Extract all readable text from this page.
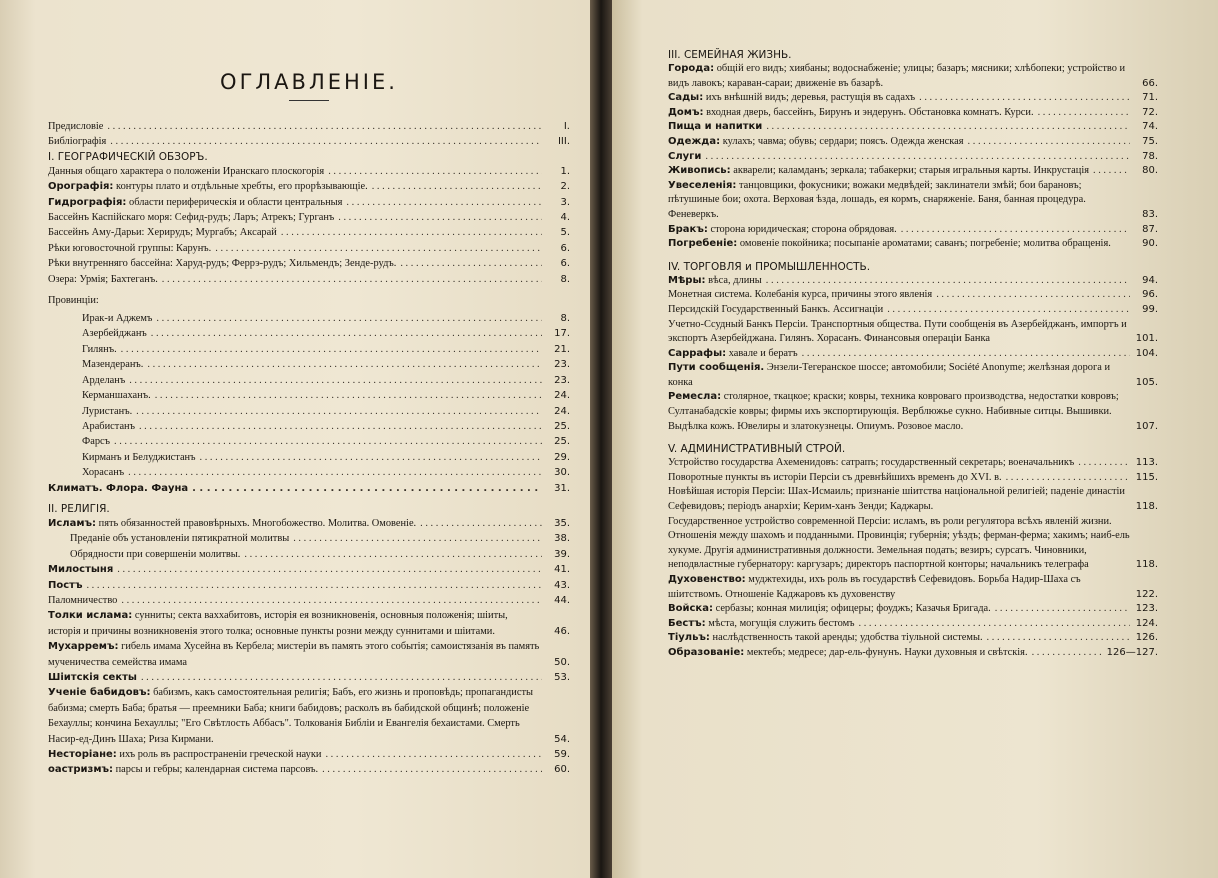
ОГЛАВЛЕНІЕ.
Предисловіе . . .	I.
Библіографія . . .	III.

I. ГЕОГРАФИЧЕСКІЙ ОБЗОРЪ.

Данныя общаго характера о положеніи Иранскаго плоскогорія . . .	1.
Орографія: контуры плато и отдѣльные хребты, его прорѣзывающіе. . . .	2.
Гидрографія: области периферическія и области центральныя . . .	3.
Бассейнъ Каспійскаго моря: Сефид-рудъ; Ларъ; Атрекъ; Гурганъ . . .	4.
Бассейнъ Аму-Дарьи: Херирудъ; Мургабъ; Аксарай . . .	5.
Рѣки юговосточной группы: Карунъ. . . .	6.
Рѣки внутренняго бассейна: Харуд-рудъ; Феррэ-рудъ; Хильмендъ; Зенде-рудъ. . . .	6.
Озера: Урмія; Бахтеганъ. . . .	8.

Провинціи:

Ирак-и Аджемъ . . .	8.
Азербейджанъ . . .	17.
Гилянъ. . . .	21.
Мазендеранъ. . . .	23.
Арделанъ . . .	23.
Керманшаханъ. . . .	24.
Луристанъ. . . .	24.
Арабистанъ . . .	25.
Фарсъ . . .	25.
Кирманъ и Белуджистанъ . . .	29.
Хорасанъ . . .	30.
Климатъ. Флора. Фауна . . .	31.

II. РЕЛИГІЯ.

Исламъ: пять обязанностей правовѣрныхъ. Многобожество. Молитва. Омовеніе. . . .	35.
Преданіе объ установленіи пятикратной молитвы . . .	38.
Обрядности при совершеніи молитвы. . . .	39.
Милостыня . . .	41.
Постъ . . .	43.
Паломничество . . .	44.
Толки ислама: сунниты; секта ваххабитовъ, исторія ея возникновенія, основныя положенія; шіиты, исторія и причины возникновенія этого толка; основные пункты розни между суннитами и шіитами.	46.
Мухарремъ: гибель имама Хусейна въ Кербела; мистеріи въ память этого событія; самоистязанія въ память мученичества семейства имама	50.
Шіитскія секты . . .	53.
Ученіе бабидовъ: бабизмъ, какъ самостоятельная религія; Бабъ, его жизнь и проповѣдь; пропагандисты бабизма; смерть Баба; братья — преемники Баба; книги бабидовъ; расколъ въ бабидской общинѣ; положеніе Бехауллы; кончина Бехауллы; "Его Свѣтлость Аббасъ". Толкованія Библіи и Евангелія бехаистами. Смерть Насир-ед-Динъ Шаха; Риза Кирмани.	54.
Несторіане: ихъ роль въ распространеніи греческой науки . . .	59.
оастризмъ: парсы и гебры; календарная система парсовъ. . . .	60.

III. СЕМЕЙНАЯ ЖИЗНЬ.

Города: общій его видъ; хиябаны; водоснабженіе; улицы; базаръ; мясники; хлѣбопеки; устройство и видъ лавокъ; караван-сараи; движеніе въ базарѣ.	66.
Сады: ихъ внѣшній видъ; деревья, растущія въ садахъ . . .	71.
Домъ: входная дверь, бассейнъ, Бирунъ и эндерунъ. Обстановка комнатъ. Курси. . . .	72.
Пища и напитки . . .	74.
Одежда: кулахъ; чавма; обувь; сердари; поясъ. Одежда женская . . .	75.
Слуги . . .	78.
Живопись: акварели; каламданъ; зеркала; табакерки; старыя игральныя карты. Инкрустація . . .	80.
Увеселенія: танцовщики, фокусники; вожаки медвѣдей; заклинатели змѣй; бои барановъ; пѣтушиные бои; охота. Верховая ѣзда, лошадь, ея кормъ, снаряженіе. Баня, банная процедура. Феневеркъ.	83.
Бракъ: сторона юридическая; сторона обрядовая. . . .	87.
Погребеніе: омовеніе покойника; посыпаніе ароматами; саванъ; погребеніе; молитва обращенія.	90.

IV. ТОРГОВЛЯ и ПРОМЫШЛЕННОСТЬ.

Мѣры: вѣса, длины . . .	94.
Монетная система. Колебанія курса, причины этого явленія . . .	96.
Персидскій Государственный Банкъ. Ассигнаціи . . .	99.
Учетно-Ссудный Банкъ Персіи. Транспортныя общества. Пути сообщенія въ Азербейджанъ, импортъ и экспортъ Азербейджана. Гилянъ. Хорасанъ. Финансовыя операціи Банка	101.
Саррафы: хавале и бератъ . . .	104.
Пути сообщенія. Энзели-Тегеранское шоссе; автомобили; Société Anonyme; желѣзная дорога и конка	105.
Ремесла: столярное, ткацкое; краски; ковры, техника ковроваго производства, недостатки ковровъ; Султанабадскіе ковры; фирмы ихъ экспортирующія. Верблюжье сукно. Набивные ситцы. Вышивки. Выдѣлка кожъ. Ювелиры и златокузнецы. Опиумъ. Розовое масло.	107.

V. АДМИНИСТРАТИВНЫЙ СТРОЙ.

Устройство государства Ахеменидовъ: сатрапъ; государственный секретарь; военачальникъ . . .	113.
Поворотные пункты въ исторіи Персіи съ древнѣйшихъ временъ до XVI. в. . . .	115.
Новѣйшая исторія Персіи: Шах-Исмаиль; признаніе шіитства національной религіей; паденіе династіи Сефевидовъ; періодъ анархіи; Керим-ханъ Зенди; Каджары.	118.
Государственное устройство современной Персіи: исламъ, въ роли регулятора всѣхъ явленій жизни. Отношенія между шахомъ и подданными. Провинція; губернія; уѣздъ; ферман-ферма; хакимъ; наиб-ель хукуме. Другія административныя должности. Земельная подать; везиръ; сурсатъ. Чиновники, неподвластные губернатору: каргузаръ; директоръ паспортной конторы; начальникъ телеграфа	118.
Духовенство: муджтехиды, ихъ роль въ государствѣ Сефевидовъ. Борьба Надир-Шаха съ шіитствомъ. Отношеніе Каджаровъ къ духовенству	122.
Войска: сербазы; конная милиція; офицеры; фоуджъ; Казачья Бригада. . . .	123.
Бестъ: мѣста, могущія служить бестомъ . . .	124.
Тіульъ: наслѣдственность такой аренды; удобства тіульной системы. . . .	126.
Образованіе: мектебъ; медресе; дар-ель-фунунъ. Науки духовныя и свѣтскія. . . .	126—127.
